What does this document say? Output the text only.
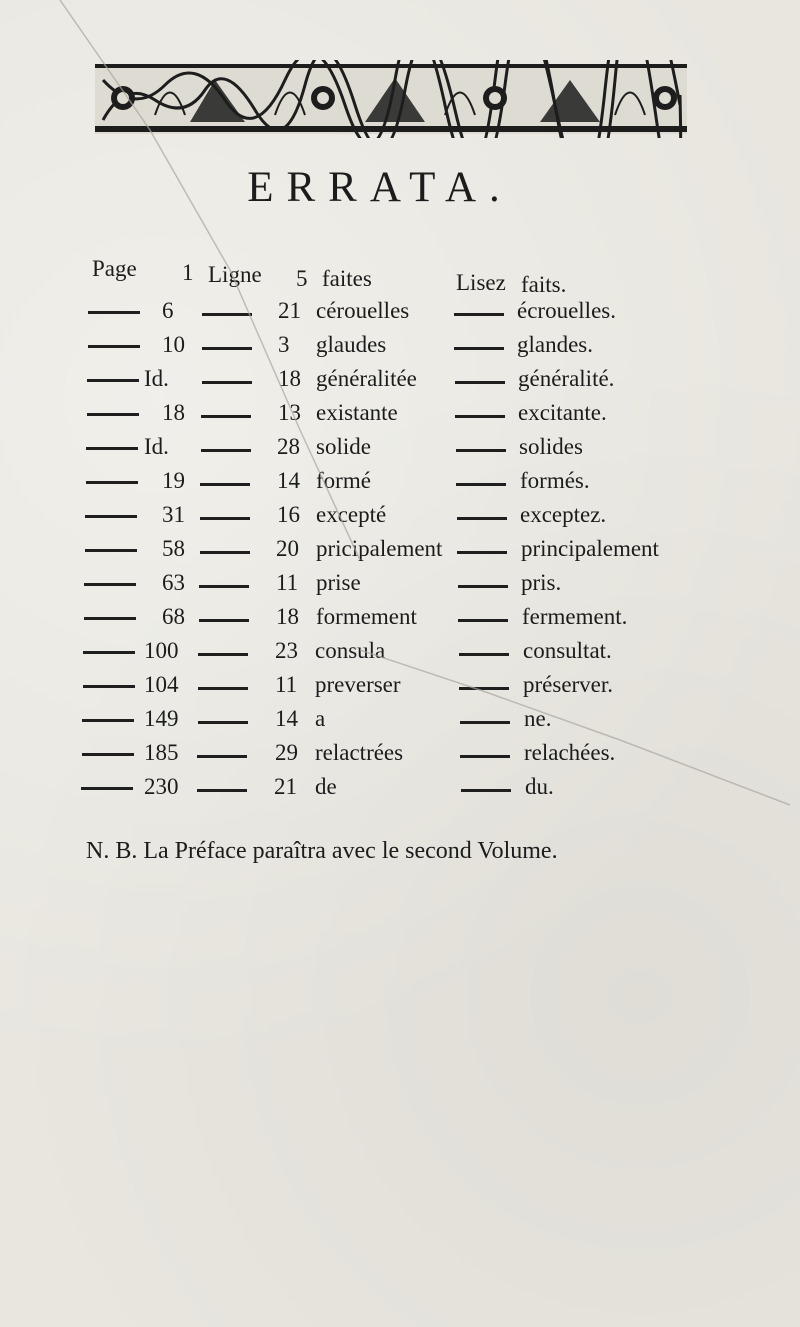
ERRATA.
Page 1 Ligne 5 faites	Lisez faits.
6	21 cérouelles	écrouelles.
10	3 glaudes	glandes.
Id.	18 généralitée	généralité.
18	13 existante	excitante.
Id.	28 solide	solides
19	14 formé	formés.
31	16 excepté	exceptez.
58	20 pricipalement	principalement
63	11 prise	pris.
68	18 formement	fermement.
100	23 consula	consultat.
104	11 preverser	préserver.
149	14 a	ne.
185	29 relactrées	relachées.
230	21 de	du.
N. B. La Préface paraîtra avec le second Volume.
